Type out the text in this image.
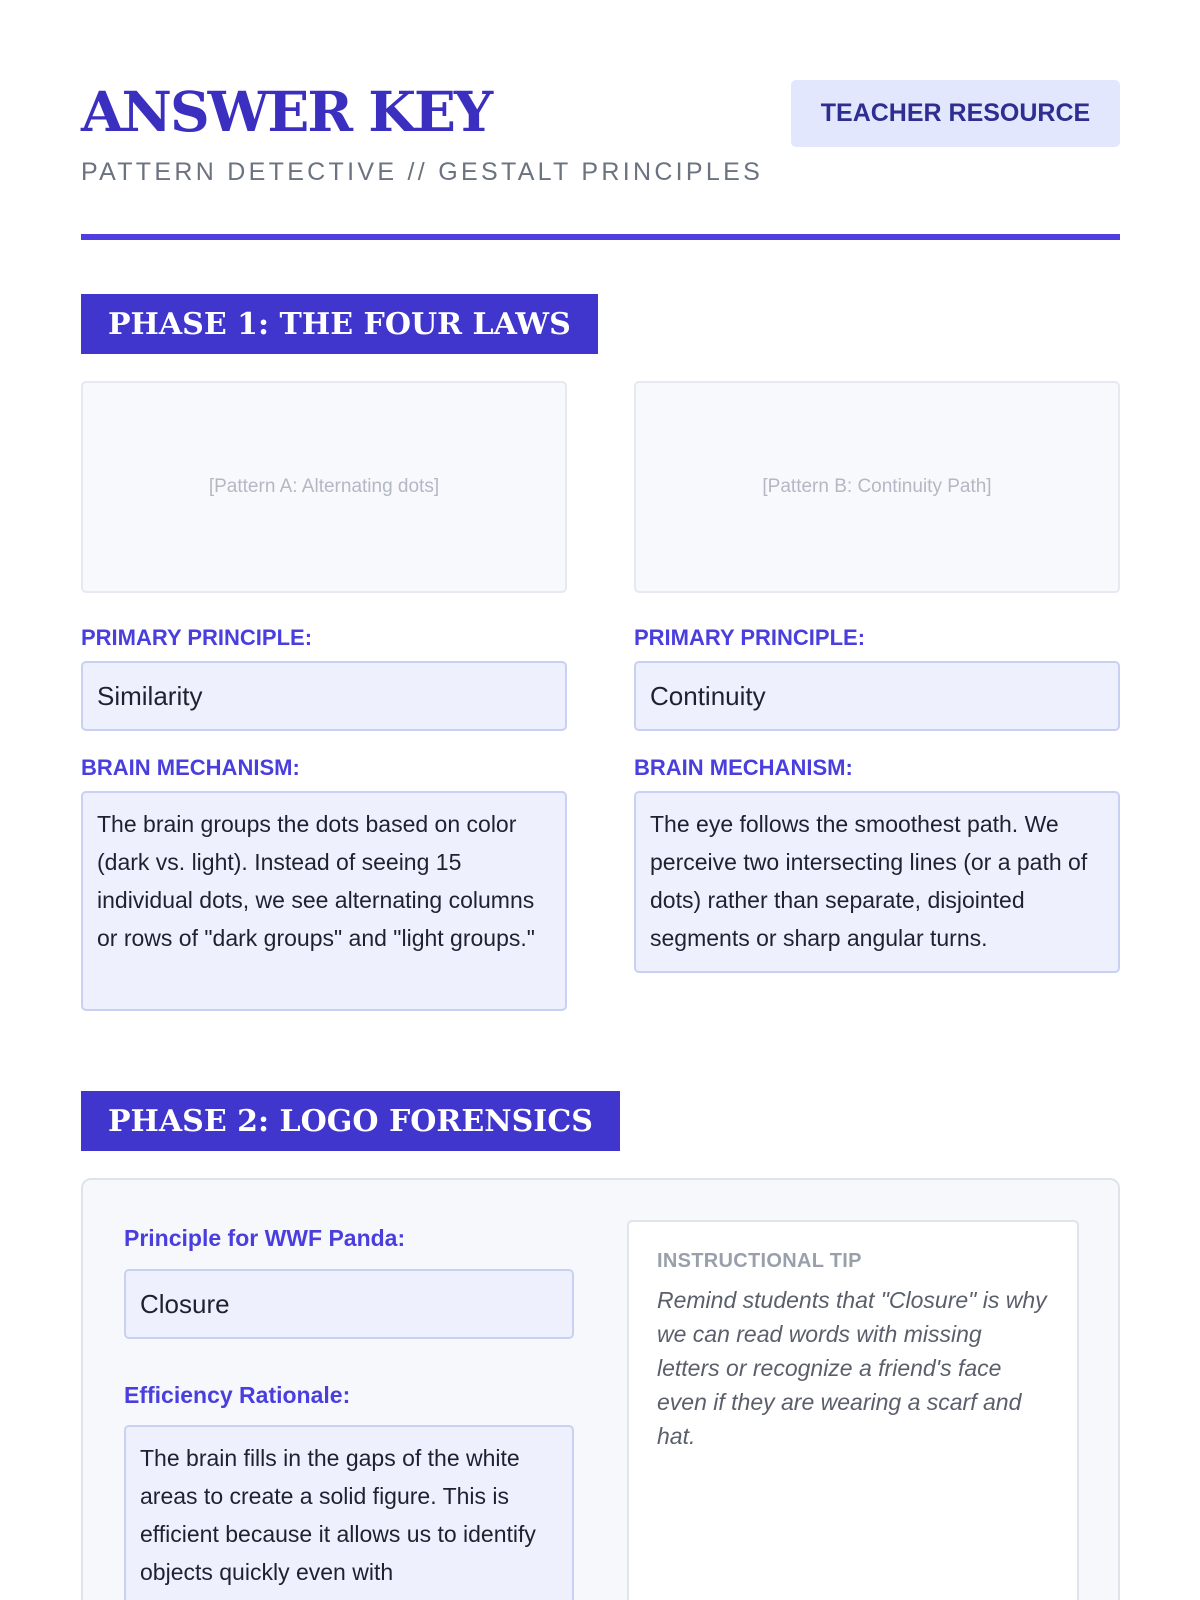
ANSWER KEY
PATTERN DETECTIVE // GESTALT PRINCIPLES
TEACHER RESOURCE
PHASE 1: THE FOUR LAWS
[Pattern A: Alternating dots]	[Pattern B: Continuity Path]
PRIMARY PRINCIPLE:	PRIMARY PRINCIPLE:
Similarity	Continuity
BRAIN MECHANISM:	BRAIN MECHANISM:
The brain groups the dots based on color (dark vs. light). Instead of seeing 15 individual dots, we see alternating columns or rows of "dark groups" and "light groups."
The eye follows the smoothest path. We perceive two intersecting lines (or a path of dots) rather than separate, disjointed segments or sharp angular turns.
PHASE 2: LOGO FORENSICS
Principle for WWF Panda:
Closure
Efficiency Rationale:
The brain fills in the gaps of the white areas to create a solid figure. This is efficient because it allows us to identify objects quickly even with
INSTRUCTIONAL TIP
Remind students that "Closure" is why we can read words with missing letters or recognize a friend's face even if they are wearing a scarf and hat.
